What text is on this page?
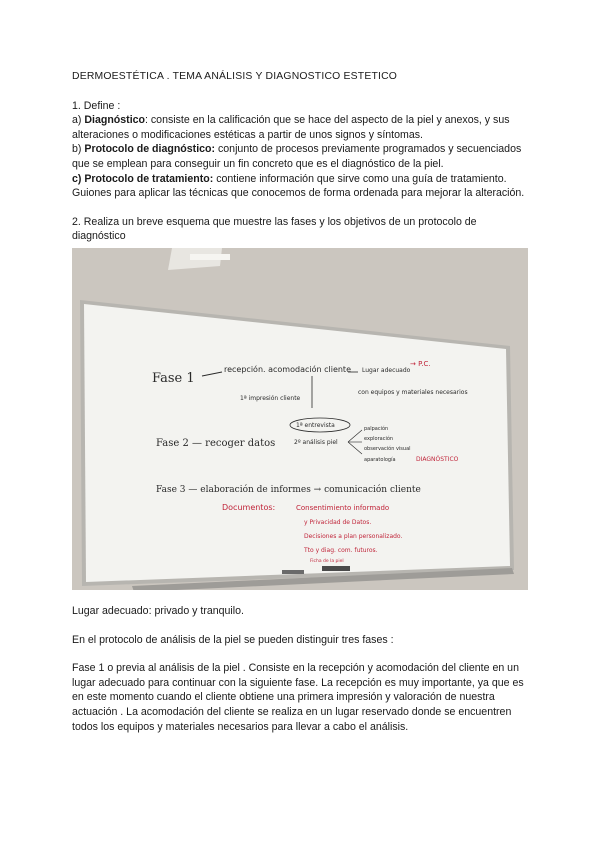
DERMOESTÉTICA . TEMA ANÁLISIS Y DIAGNOSTICO ESTETICO

1. Define :

a) Diagnóstico: consiste en la calificación que se hace del aspecto de la piel y anexos, y sus alteraciones o modificaciones estéticas a partir de unos signos y síntomas.

b) Protocolo de diagnóstico: conjunto de procesos previamente programados y secuenciados que se emplean para conseguir un fin concreto que es el diagnóstico de la piel.

c) Protocolo de tratamiento: contiene información que sirve como una guía de tratamiento. Guiones para aplicar las técnicas que conocemos de forma ordenada para mejorar la alteración.

2. Realiza un breve esquema que muestre las fases y los objetivos de un protocolo de diagnóstico

Fase 1
recepción. acomodación cliente Lugar adecuado
→ P.C.
1ª impresión cliente
con equipos y materiales necesarios
1ª entrevista
Fase 2 — recoger datos	2º análisis piel
palpación
exploración
observación visual
aparatología	DIAGNÓSTICO
Fase 3 — elaboración de informes → comunicación cliente
Documentos:	Consentimiento informado
y Privacidad de Datos.
Decisiones a plan personalizado.
Tto y diag. com. futuros.
Ficha de la piel

Lugar adecuado: privado y tranquilo.

En el protocolo de análisis de la piel se pueden distinguir tres fases :

Fase 1 o previa al análisis de la piel . Consiste en la recepción y acomodación del cliente en un lugar adecuado para continuar con la siguiente fase. La recepción es muy importante, ya que es en este momento cuando el cliente obtiene una primera impresión y valoración de nuestra actuación . La acomodación del cliente se realiza en un lugar reservado donde se encuentren todos los equipos y materiales necesarios para llevar a cabo el análisis.
